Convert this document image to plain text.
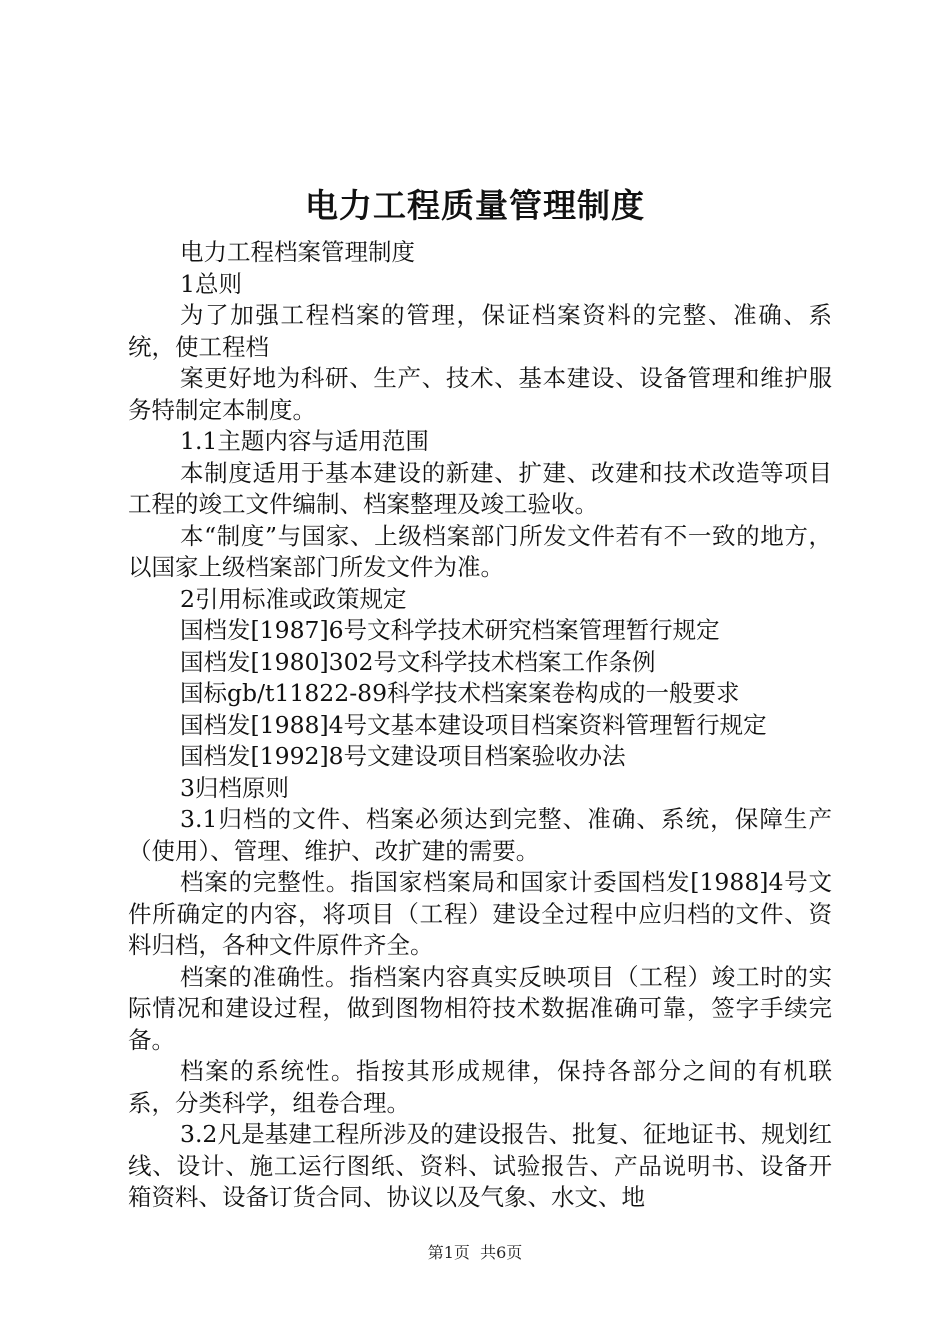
电力工程质量管理制度

电力工程档案管理制度

1总则

为了加强工程档案的管理，保证档案资料的完整、准确、系统，使工程档

案更好地为科研、生产、技术、基本建设、设备管理和维护服务特制定本制度。

1.1主题内容与适用范围

本制度适用于基本建设的新建、扩建、改建和技术改造等项目工程的竣工文件编制、档案整理及竣工验收。

本“制度”与国家、上级档案部门所发文件若有不一致的地方，以国家上级档案部门所发文件为准。

2引用标准或政策规定

国档发[1987]6号文科学技术研究档案管理暂行规定

国档发[1980]302号文科学技术档案工作条例

国标gb/t11822-89科学技术档案案卷构成的一般要求

国档发[1988]4号文基本建设项目档案资料管理暂行规定

国档发[1992]8号文建设项目档案验收办法

3归档原则

3.1归档的文件、档案必须达到完整、准确、系统，保障生产（使用）、管理、维护、改扩建的需要。

档案的完整性。指国家档案局和国家计委国档发[1988]4号文件所确定的内容，将项目（工程）建设全过程中应归档的文件、资料归档，各种文件原件齐全。

档案的准确性。指档案内容真实反映项目（工程）竣工时的实际情况和建设过程，做到图物相符技术数据准确可靠，签字手续完备。

档案的系统性。指按其形成规律，保持各部分之间的有机联系，分类科学，组卷合理。

3.2凡是基建工程所涉及的建设报告、批复、征地证书、规划红线、设计、施工运行图纸、资料、试验报告、产品说明书、设备开箱资料、设备订货合同、协议以及气象、水文、地

第1页 共6页
